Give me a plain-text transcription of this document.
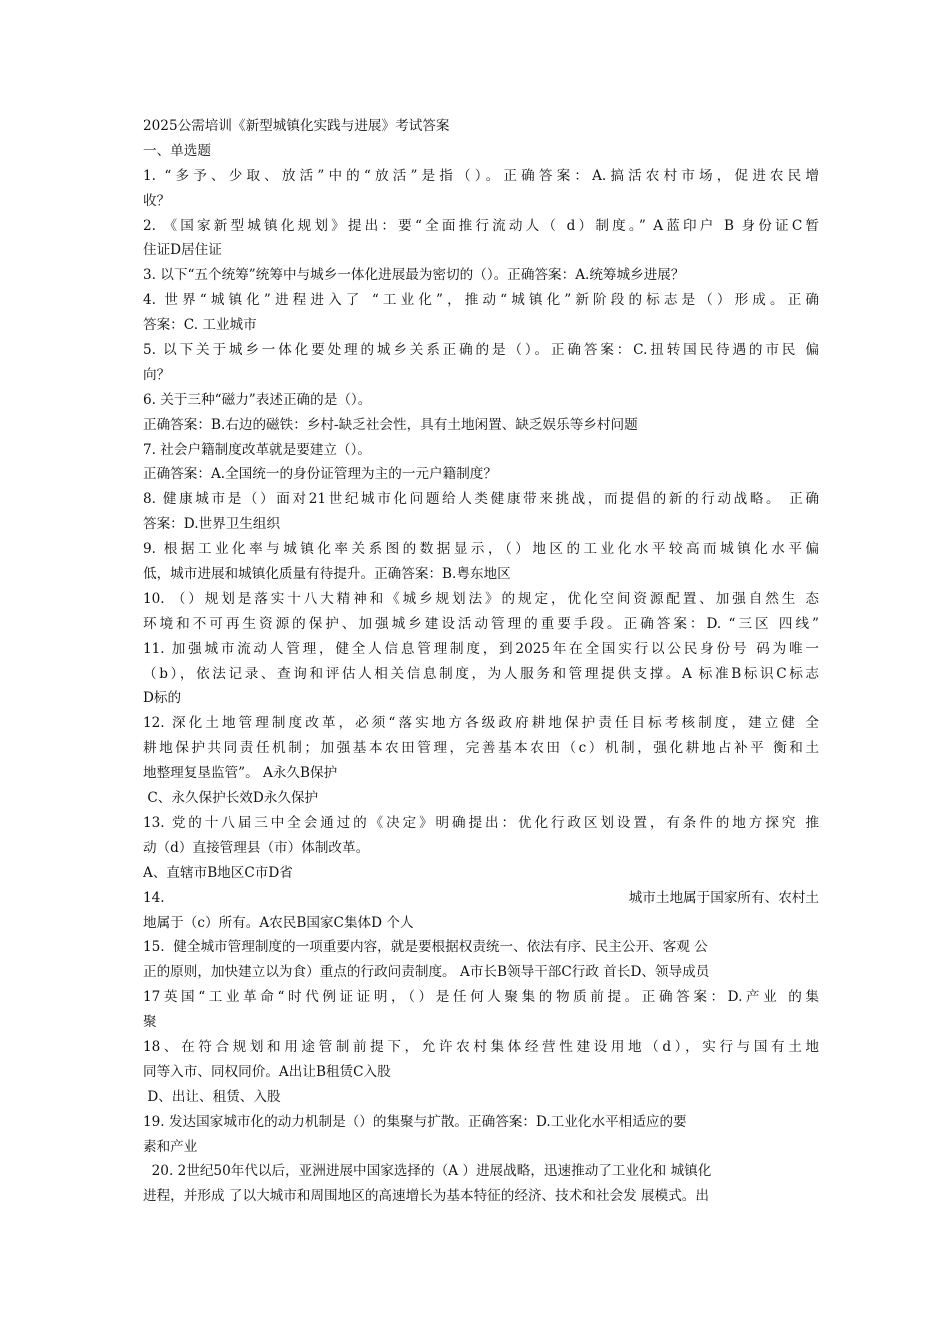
2025公需培训《新型城镇化实践与进展》考试答案
一、单选题
1. “多予、少取、放活”中的“放活”是指（）。正确答案：A.搞活农村市场，促进农民增
收？
2. 《国家新型城镇化规划》提出：要“全面推行流动人（ d）制度。” A蓝印户 B 身份证C暂
住证D居住证
3. 以下“五个统筹”统筹中与城乡一体化进展最为密切的（）。正确答案：A.统筹城乡进展？
4. 世界“城镇化”进程进入了 “工业化”，推动“城镇化”新阶段的标志是（）形成。正确
答案：C. 工业城市
5. 以下关于城乡一体化要处理的城乡关系正确的是（）。正确答案：C.扭转国民待遇的市民 偏
向？
6. 关于三种“磁力”表述正确的是（）。
正确答案：B.右边的磁铁：乡村-缺乏社会性，具有土地闲置、缺乏娱乐等乡村问题
7. 社会户籍制度改革就是要建立（）。
正确答案：A.全国统一的身份证管理为主的一元户籍制度？
8. 健康城市是（）面对21世纪城市化问题给人类健康带来挑战，而提倡的新的行动战略。 正确
答案：D.世界卫生组织
9. 根据工业化率与城镇化率关系图的数据显示，（）地区的工业化水平较高而城镇化水平偏
低，城市进展和城镇化质量有待提升。正确答案：B.粤东地区
10. （）规划是落实十八大精神和《城乡规划法》的规定，优化空间资源配置、加强自然生 态
环境和不可再生资源的保护、加强城乡建设活动管理的重要手段。正确答案：D. “三区 四线”
11. 加强城市流动人管理，健全人信息管理制度，到2025年在全国实行以公民身份号 码为唯一
（b），依法记录、查询和评估人相关信息制度，为人服务和管理提供支撑。A 标准B标识C标志
D标的
12. 深化土地管理制度改革，必须“落实地方各级政府耕地保护责任目标考核制度，建立健 全
耕地保护共同责任机制；加强基本农田管理，完善基本农田（c）机制，强化耕地占补平 衡和土
地整理复垦监管”。 A永久B保护
C、永久保护长效D永久保护
13. 党的十八届三中全会通过的《决定》明确提出：优化行政区划设置，有条件的地方探究 推
动（d）直接管理县（市）体制改革。
A、直辖市B地区C市D省
14.	城市土地属于国家所有、农村土
地属于（c）所有。A农民B国家C集体D 个人
15.  健全城市管理制度的一项重要内容，就是要根据权责统一、依法有序、民主公开、客观 公
正的原则，加快建立以为食）重点的行政问责制度。 A市长B领导干部C行政 首长D、领导成员
17英国“工业革命“时代例证证明，（）是任何人聚集的物质前提。正确答案：D.产业 的集
聚
18、在符合规划和用途管制前提下，允许农村集体经营性建设用地（d），实行与国有土地
同等入市、同权同价。A出让B租赁C入股
D、出让、租赁、入股
19. 发达国家城市化的动力机制是（）的集聚与扩散。正确答案：D.工业化水平相适应的要
素和产业
20. 2世纪50年代以后，亚洲进展中国家选择的（A ）进展战略，迅速推动了工业化和 城镇化
进程，并形成 了以大城市和周围地区的高速增长为基本特征的经济、技术和社会发 展模式。出
